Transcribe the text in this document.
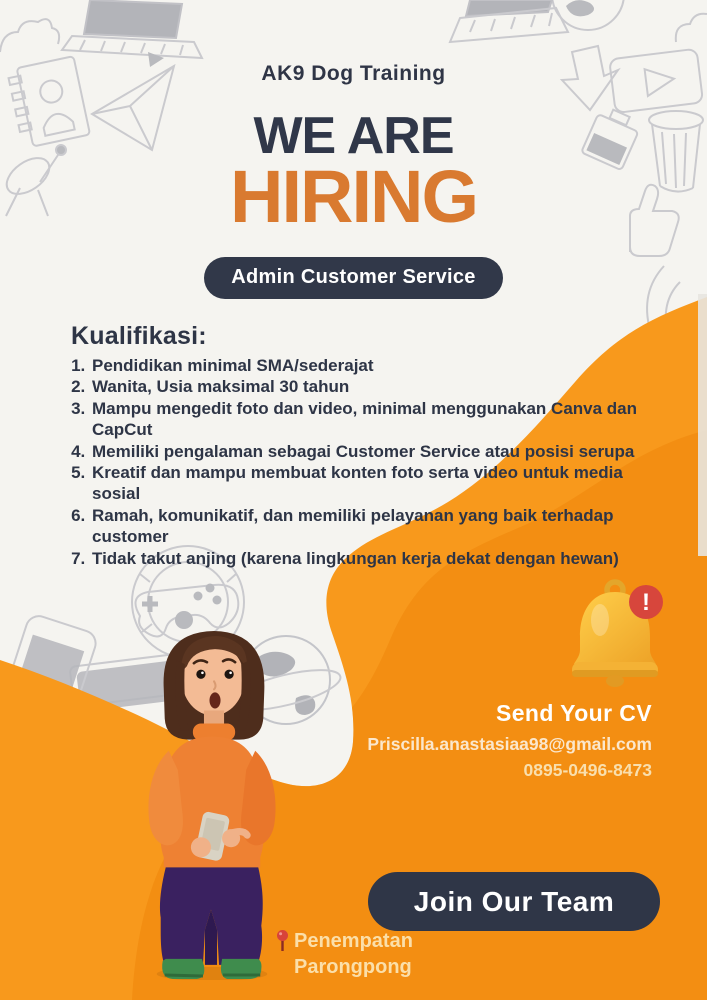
!
AK9 Dog Training
WE ARE
HIRING
Admin Customer Service
Kualifikasi:
1. Pendidikan minimal SMA/sederajat
2. Wanita, Usia maksimal 30 tahun
3. Mampu mengedit foto dan video, minimal menggunakan Canva dan CapCut
4. Memiliki pengalaman sebagai Customer Service atau posisi serupa
5. Kreatif dan mampu membuat konten foto serta video untuk media sosial
6. Ramah, komunikatif, dan memiliki pelayanan yang baik terhadap customer
7. Tidak takut anjing (karena lingkungan kerja dekat dengan hewan)
Send Your CV
Priscilla.anastasiaa98@gmail.com
0895-0496-8473
Join Our Team
Penempatan
Parongpong
